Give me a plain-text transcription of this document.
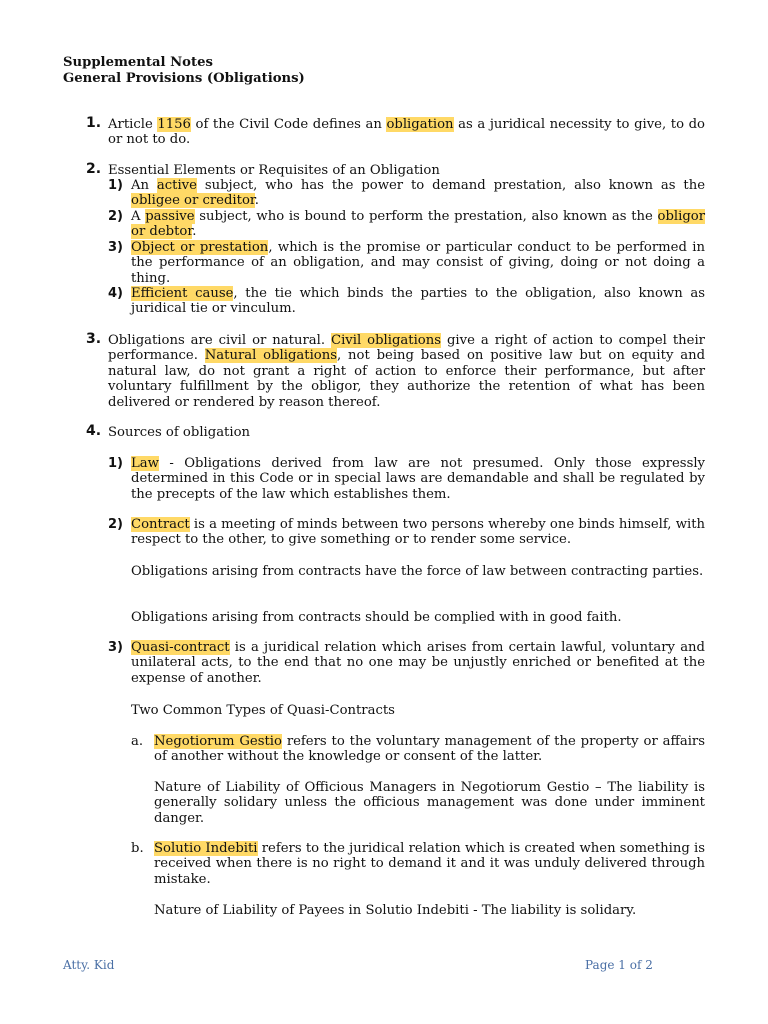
Supplemental Notes
General Provisions (Obligations)
1. Article 1156 of the Civil Code defines an obligation as a juridical necessity to give, to do or not to do.
2. Essential Elements or Requisites of an Obligation
1) An active subject, who has the power to demand prestation, also known as the obligee or creditor.
2) A passive subject, who is bound to perform the prestation, also known as the obligor or debtor.
3) Object or prestation, which is the promise or particular conduct to be performed in the performance of an obligation, and may consist of giving, doing or not doing a thing.
4) Efficient cause, the tie which binds the parties to the obligation, also known as juridical tie or vinculum.
3. Obligations are civil or natural. Civil obligations give a right of action to compel their performance. Natural obligations, not being based on positive law but on equity and natural law, do not grant a right of action to enforce their performance, but after voluntary fulfillment by the obligor, they authorize the retention of what has been delivered or rendered by reason thereof.
4. Sources of obligation
1) Law - Obligations derived from law are not presumed. Only those expressly determined in this Code or in special laws are demandable and shall be regulated by the precepts of the law which establishes them.
2) Contract is a meeting of minds between two persons whereby one binds himself, with respect to the other, to give something or to render some service.
Obligations arising from contracts have the force of law between contracting parties.
Obligations arising from contracts should be complied with in good faith.
3) Quasi-contract is a juridical relation which arises from certain lawful, voluntary and unilateral acts, to the end that no one may be unjustly enriched or benefited at the expense of another.
Two Common Types of Quasi-Contracts
a. Negotiorum Gestio refers to the voluntary management of the property or affairs of another without the knowledge or consent of the latter.
Nature of Liability of Officious Managers in Negotiorum Gestio – The liability is generally solidary unless the officious management was done under imminent danger.
b. Solutio Indebiti refers to the juridical relation which is created when something is received when there is no right to demand it and it was unduly delivered through mistake.
Nature of Liability of Payees in Solutio Indebiti - The liability is solidary.
Atty. Kid	Page 1 of 2
